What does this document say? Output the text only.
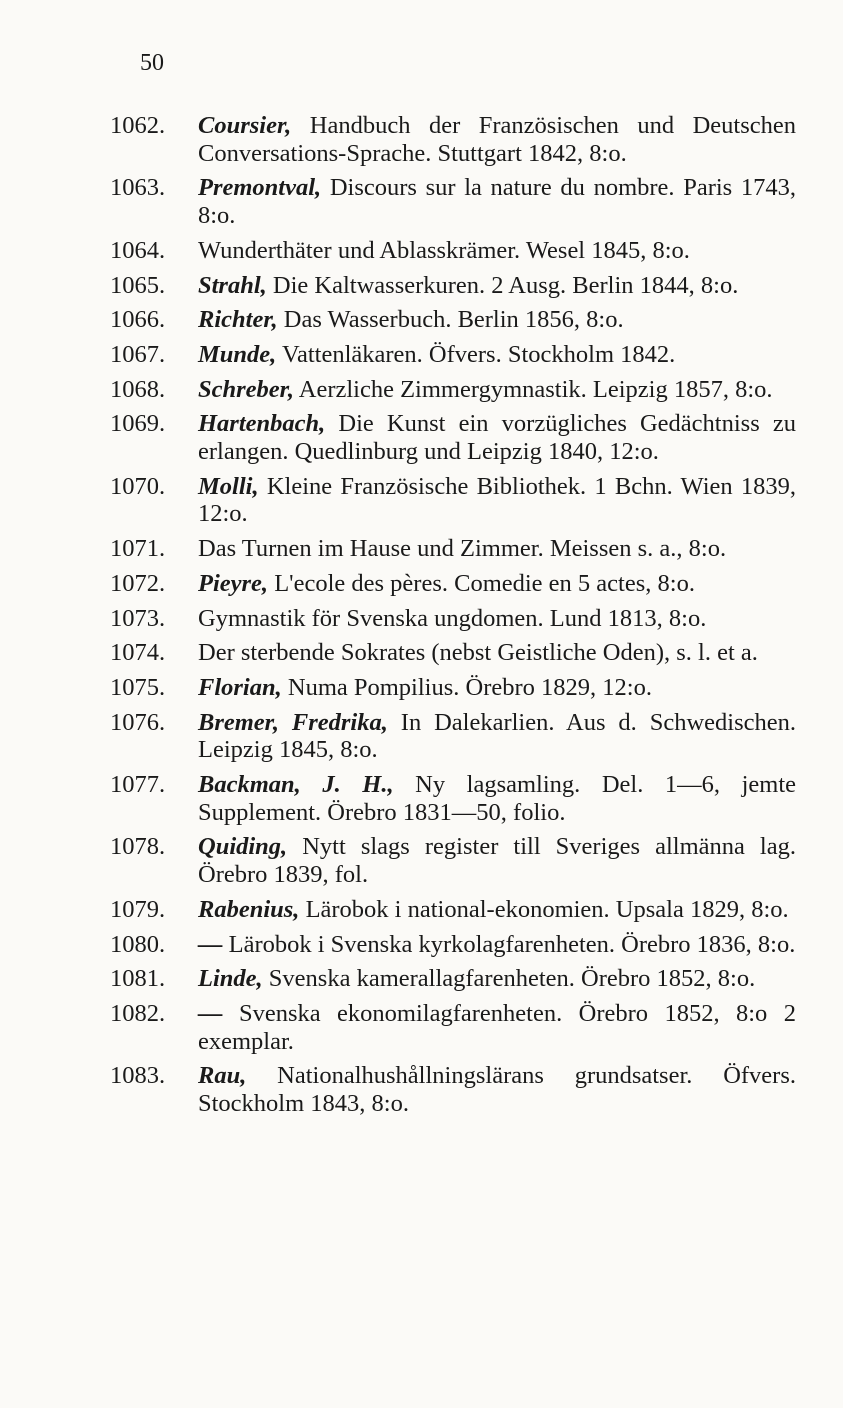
50
1062.	Coursier, Handbuch der Französischen und Deutschen Conversations-Sprache. Stuttgart 1842, 8:o.
1063.	Premontval, Discours sur la nature du nombre. Paris 1743, 8:o.
1064.	Wunderthäter und Ablasskrämer. Wesel 1845, 8:o.
1065.	Strahl, Die Kaltwasserkuren. 2 Ausg. Berlin 1844, 8:o.
1066.	Richter, Das Wasserbuch. Berlin 1856, 8:o.
1067.	Munde, Vattenläkaren. Öfvers. Stockholm 1842.
1068.	Schreber, Aerzliche Zimmergymnastik. Leipzig 1857, 8:o.
1069.	Hartenbach, Die Kunst ein vorzügliches Gedächtniss zu erlangen. Quedlinburg und Leipzig 1840, 12:o.
1070.	Molli, Kleine Französische Bibliothek. 1 Bchn. Wien 1839, 12:o.
1071.	Das Turnen im Hause und Zimmer. Meissen s. a., 8:o.
1072.	Pieyre, L'ecole des pères. Comedie en 5 actes, 8:o.
1073.	Gymnastik för Svenska ungdomen. Lund 1813, 8:o.
1074.	Der sterbende Sokrates (nebst Geistliche Oden), s. l. et a.
1075.	Florian, Numa Pompilius. Örebro 1829, 12:o.
1076.	Bremer, Fredrika, In Dalekarlien. Aus d. Schwedischen. Leipzig 1845, 8:o.
1077.	Backman, J. H., Ny lagsamling. Del. 1—6, jemte Supplement. Örebro 1831—50, folio.
1078.	Quiding, Nytt slags register till Sveriges allmänna lag. Örebro 1839, fol.
1079.	Rabenius, Lärobok i national-ekonomien. Upsala 1829, 8:o.
1080.	— Lärobok i Svenska kyrkolagfarenheten. Örebro 1836, 8:o.
1081.	Linde, Svenska kamerallagfarenheten. Örebro 1852, 8:o.
1082.	— Svenska ekonomilagfarenheten. Örebro 1852, 8:o 2 exemplar.
1083.	Rau, Nationalhushållningslärans grundsatser. Öfvers. Stockholm 1843, 8:o.
